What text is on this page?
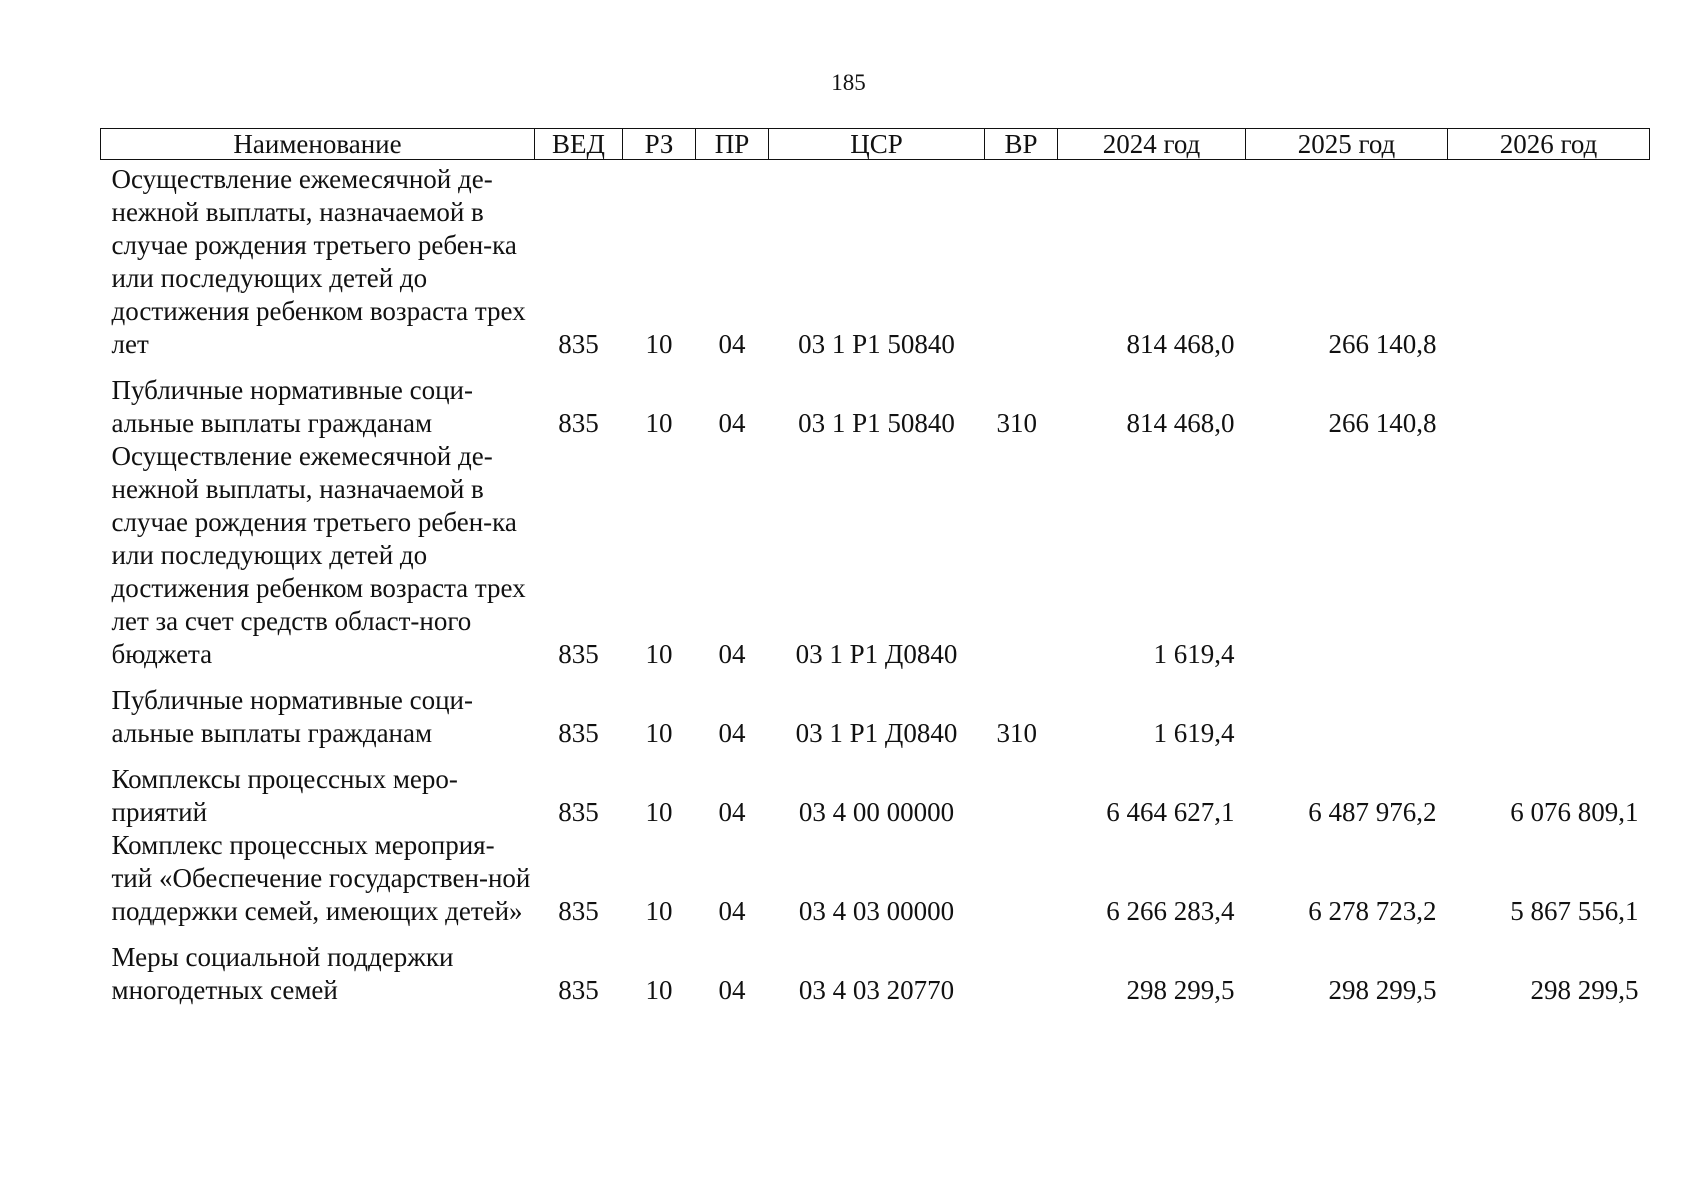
185
Наименование	ВЕД	РЗ	ПР	ЦСР	ВР	2024 год	2025 год	2026 год
Осуществление ежемесячной де-нежной выплаты, назначаемой в случае рождения третьего ребен-ка или последующих детей до достижения ребенком возраста трех лет	835	10	04	03 1 P1 50840		814 468,0	266 140,8	
Публичные нормативные соци-альные выплаты гражданам	835	10	04	03 1 P1 50840	310	814 468,0	266 140,8	
Осуществление ежемесячной де-нежной выплаты, назначаемой в случае рождения третьего ребен-ка или последующих детей до достижения ребенком возраста трех лет за счет средств област-ного бюджета	835	10	04	03 1 P1 Д0840		1 619,4		
Публичные нормативные соци-альные выплаты гражданам	835	10	04	03 1 P1 Д0840	310	1 619,4		
Комплексы процессных меро-приятий	835	10	04	03 4 00 00000		6 464 627,1	6 487 976,2	6 076 809,1
Комплекс процессных мероприя-тий «Обеспечение государствен-ной поддержки семей, имеющих детей»	835	10	04	03 4 03 00000		6 266 283,4	6 278 723,2	5 867 556,1
Меры социальной поддержки многодетных семей	835	10	04	03 4 03 20770		298 299,5	298 299,5	298 299,5
